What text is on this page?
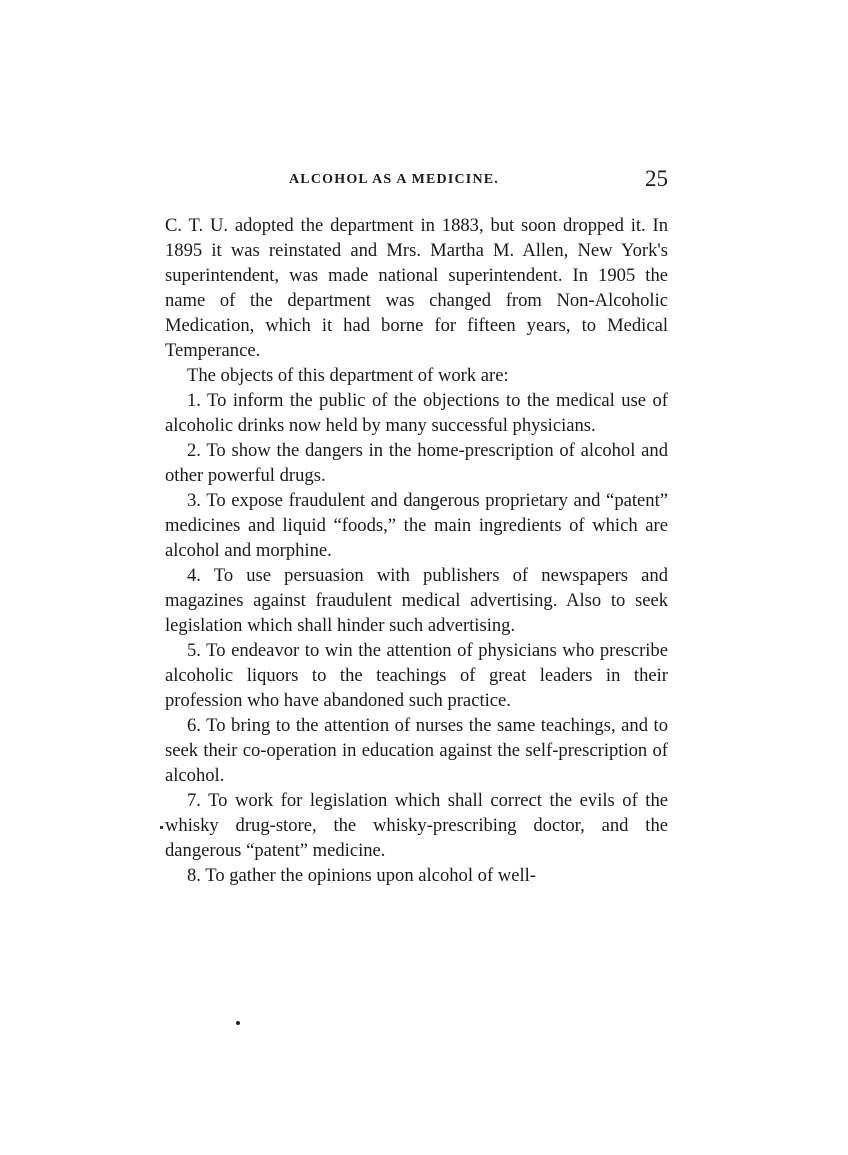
ALCOHOL AS A MEDICINE.	25

C. T. U. adopted the department in 1883, but soon dropped it. In 1895 it was reinstated and Mrs. Martha M. Allen, New York's superintendent, was made national superintendent. In 1905 the name of the department was changed from Non-Alcoholic Medication, which it had borne for fifteen years, to Medical Temperance.

The objects of this department of work are:

1. To inform the public of the objections to the medical use of alcoholic drinks now held by many successful physicians.

2. To show the dangers in the home-prescription of alcohol and other powerful drugs.

3. To expose fraudulent and dangerous proprietary and “patent” medicines and liquid “foods,” the main ingredients of which are alcohol and morphine.

4. To use persuasion with publishers of newspapers and magazines against fraudulent medical advertising. Also to seek legislation which shall hinder such advertising.

5. To endeavor to win the attention of physicians who prescribe alcoholic liquors to the teachings of great leaders in their profession who have abandoned such practice.

6. To bring to the attention of nurses the same teachings, and to seek their co-operation in education against the self-prescription of alcohol.

7. To work for legislation which shall correct the evils of the whisky drug-store, the whisky-prescribing doctor, and the dangerous “patent” medicine.

8. To gather the opinions upon alcohol of well-
